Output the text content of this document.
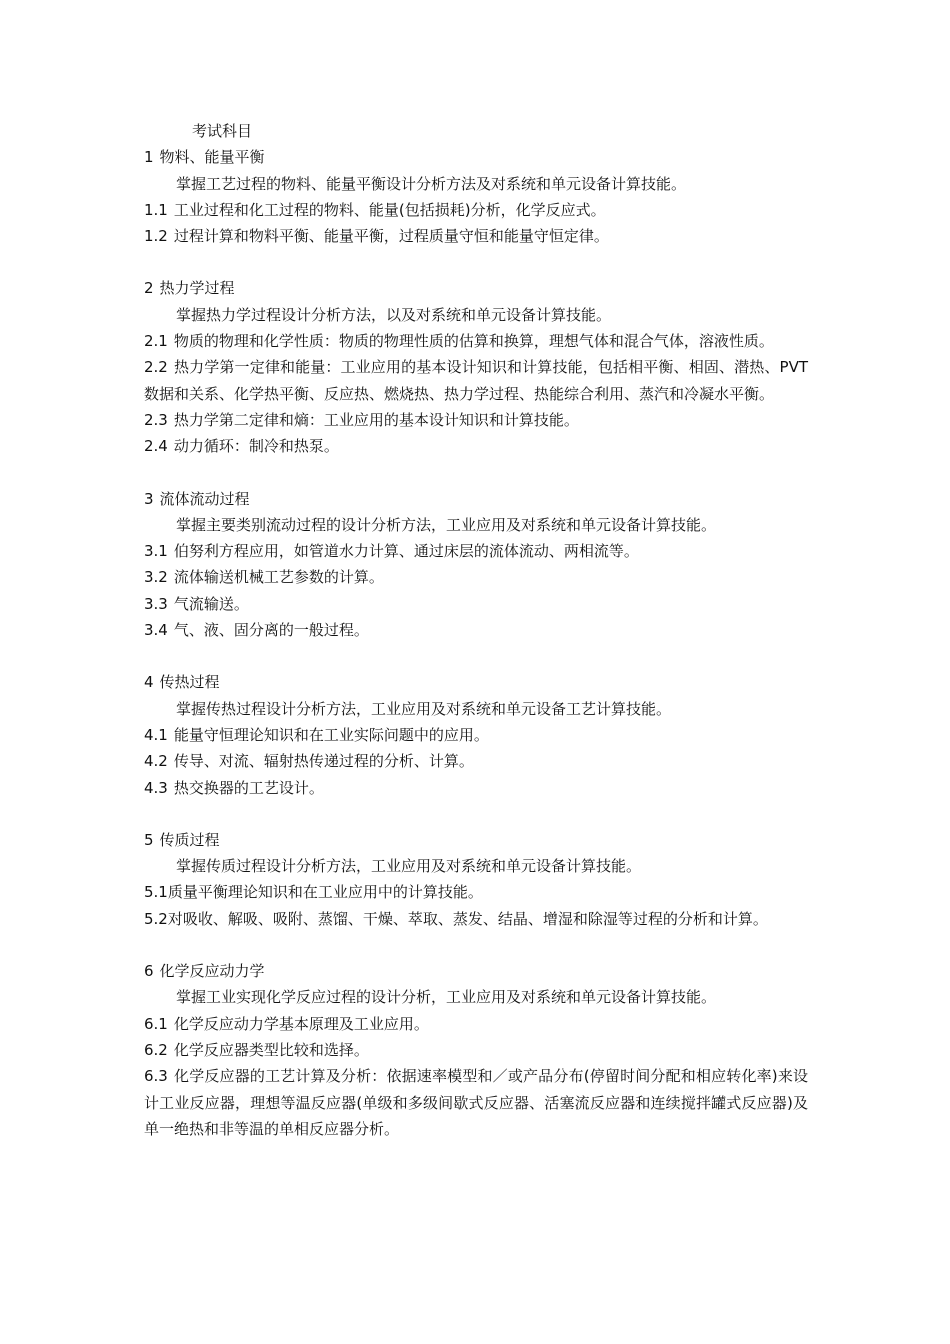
考试科目
1 物料、能量平衡
掌握工艺过程的物料、能量平衡设计分析方法及对系统和单元设备计算技能。
1.1 工业过程和化工过程的物料、能量(包括损耗)分析，化学反应式。
1.2 过程计算和物料平衡、能量平衡，过程质量守恒和能量守恒定律。
2 热力学过程
掌握热力学过程设计分析方法，以及对系统和单元设备计算技能。
2.1 物质的物理和化学性质：物质的物理性质的估算和换算，理想气体和混合气体，溶液性质。
2.2 热力学第一定律和能量：工业应用的基本设计知识和计算技能，包括相平衡、相固、潜热、PVT 数据和关系、化学热平衡、反应热、燃烧热、热力学过程、热能综合利用、蒸汽和冷凝水平衡。
2.3 热力学第二定律和熵：工业应用的基本设计知识和计算技能。
2.4 动力循环：制冷和热泵。
3 流体流动过程
掌握主要类别流动过程的设计分析方法，工业应用及对系统和单元设备计算技能。
3.1 伯努利方程应用，如管道水力计算、通过床层的流体流动、两相流等。
3.2 流体输送机械工艺参数的计算。
3.3 气流输送。
3.4 气、液、固分离的一般过程。
4 传热过程
掌握传热过程设计分析方法，工业应用及对系统和单元设备工艺计算技能。
4.1 能量守恒理论知识和在工业实际问题中的应用。
4.2 传导、对流、辐射热传递过程的分析、计算。
4.3 热交换器的工艺设计。
5 传质过程
掌握传质过程设计分析方法，工业应用及对系统和单元设备计算技能。
5.1质量平衡理论知识和在工业应用中的计算技能。
5.2对吸收、解吸、吸附、蒸馏、干燥、萃取、蒸发、结晶、增湿和除湿等过程的分析和计算。
6 化学反应动力学
掌握工业实现化学反应过程的设计分析，工业应用及对系统和单元设备计算技能。
6.1 化学反应动力学基本原理及工业应用。
6.2 化学反应器类型比较和选择。
6.3 化学反应器的工艺计算及分析：依据速率模型和／或产品分布(停留时间分配和相应转化率)来设计工业反应器，理想等温反应器(单级和多级间歇式反应器、活塞流反应器和连续搅拌罐式反应器)及单一绝热和非等温的单相反应器分析。
